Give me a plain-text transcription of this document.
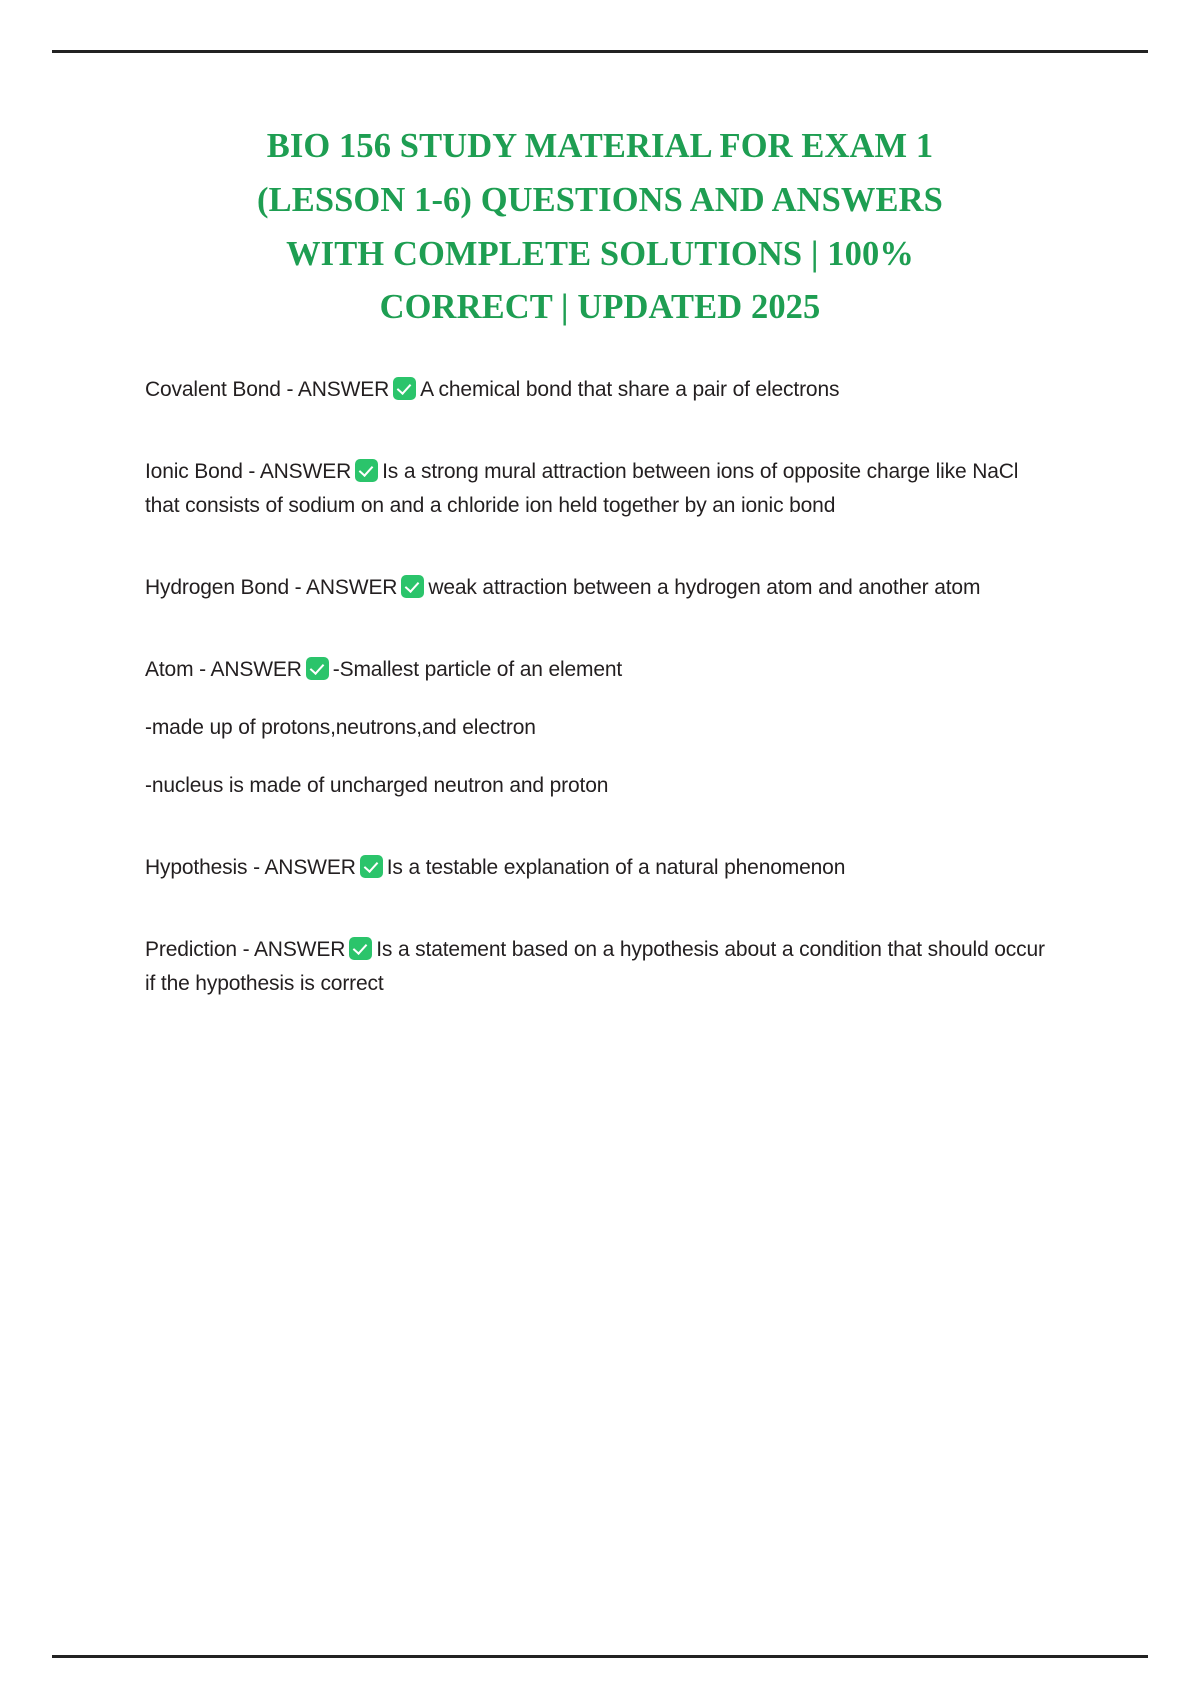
BIO 156 STUDY MATERIAL FOR EXAM 1
(LESSON 1-6) QUESTIONS AND ANSWERS
WITH COMPLETE SOLUTIONS | 100%
CORRECT | UPDATED 2025

Covalent Bond - ANSWER A chemical bond that share a pair of electrons

Ionic Bond - ANSWER Is a strong mural attraction between ions of opposite charge like NaCl that consists of sodium on and a chloride ion held together by an ionic bond

Hydrogen Bond - ANSWER weak attraction between a hydrogen atom and another atom

Atom - ANSWER -Smallest particle of an element

-made up of protons,neutrons,and electron

-nucleus is made of uncharged neutron and proton

Hypothesis - ANSWER Is a testable explanation of a natural phenomenon

Prediction - ANSWER Is a statement based on a hypothesis about a condition that should occur if the hypothesis is correct
